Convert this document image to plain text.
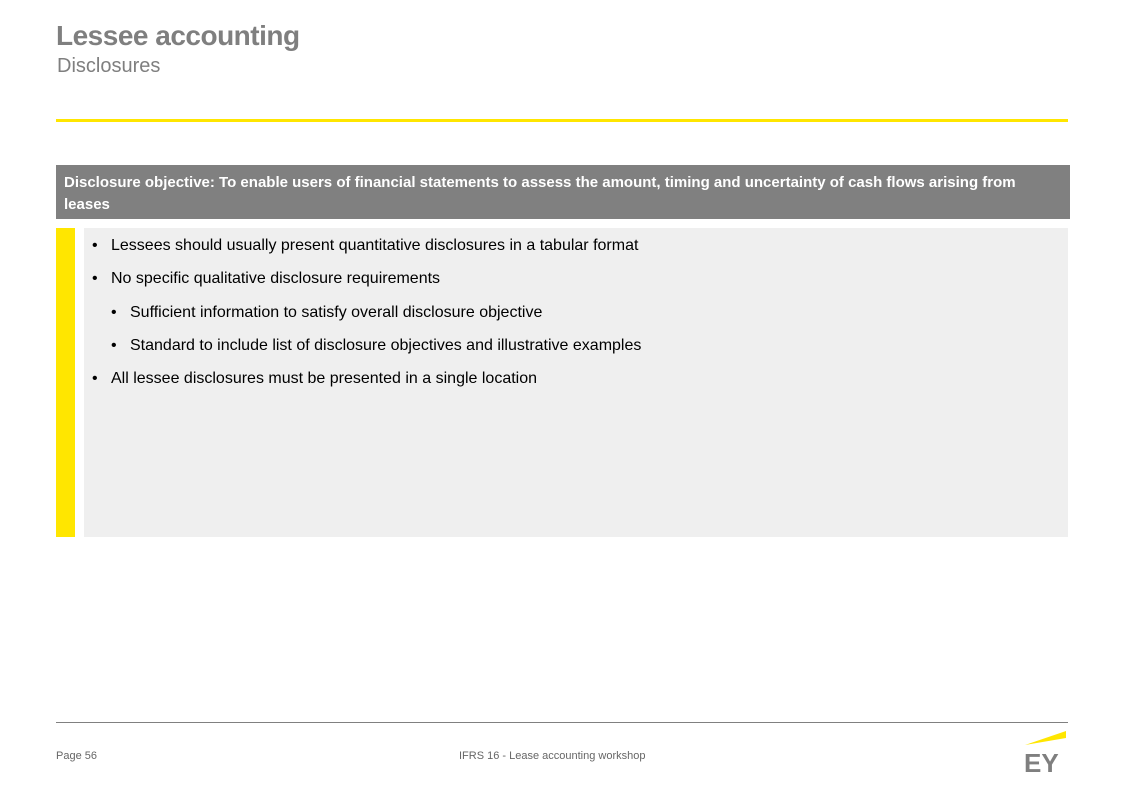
Lessee accounting
Disclosures
Disclosure objective: To enable users of financial statements to assess the amount, timing and uncertainty of cash flows arising from leases
• Lessees should usually present quantitative disclosures in a tabular format
• No specific qualitative disclosure requirements
• Sufficient information to satisfy overall disclosure objective
• Standard to include list of disclosure objectives and illustrative examples
• All lessee disclosures must be presented in a single location
Page 56	IFRS 16 - Lease accounting workshop	EY
